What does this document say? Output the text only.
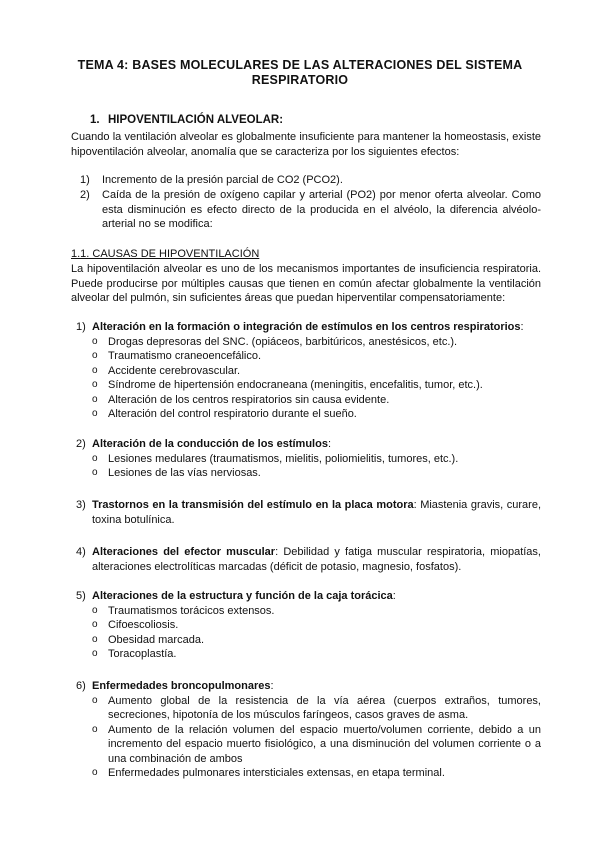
TEMA 4: BASES MOLECULARES DE LAS ALTERACIONES DEL SISTEMA
RESPIRATORIO
1. HIPOVENTILACIÓN ALVEOLAR:
Cuando la ventilación alveolar es globalmente insuficiente para mantener la homeostasis, existe hipoventilación alveolar, anomalía que se caracteriza por los siguientes efectos:
1) Incremento de la presión parcial de CO2 (PCO2).
2) Caída de la presión de oxígeno capilar y arterial (PO2) por menor oferta alveolar. Como esta disminución es efecto directo de la producida en el alvéolo, la diferencia alvéolo-arterial no se modifica:
1.1. CAUSAS DE HIPOVENTILACIÓN
La hipoventilación alveolar es uno de los mecanismos importantes de insuficiencia respiratoria. Puede producirse por múltiples causas que tienen en común afectar globalmente la ventilación alveolar del pulmón, sin suficientes áreas que puedan hiperventilar compensatoriamente:
1) Alteración en la formación o integración de estímulos en los centros respiratorios:
o Drogas depresoras del SNC. (opiáceos, barbitúricos, anestésicos, etc.).
o Traumatismo craneoencefálico.
o Accidente cerebrovascular.
o Síndrome de hipertensión endocraneana (meningitis, encefalitis, tumor, etc.).
o Alteración de los centros respiratorios sin causa evidente.
o Alteración del control respiratorio durante el sueño.
2) Alteración de la conducción de los estímulos:
o Lesiones medulares (traumatismos, mielitis, poliomielitis, tumores, etc.).
o Lesiones de las vías nerviosas.
3) Trastornos en la transmisión del estímulo en la placa motora: Miastenia gravis, curare, toxina botulínica.
4) Alteraciones del efector muscular: Debilidad y fatiga muscular respiratoria, miopatías, alteraciones electrolíticas marcadas (déficit de potasio, magnesio, fosfatos).
5) Alteraciones de la estructura y función de la caja torácica:
o Traumatismos torácicos extensos.
o Cifoescoliosis.
o Obesidad marcada.
o Toracoplastía.
6) Enfermedades broncopulmonares:
o Aumento global de la resistencia de la vía aérea (cuerpos extraños, tumores, secreciones, hipotonía de los músculos faríngeos, casos graves de asma.
o Aumento de la relación volumen del espacio muerto/volumen corriente, debido a un incremento del espacio muerto fisiológico, a una disminución del volumen corriente o a una combinación de ambos
o Enfermedades pulmonares intersticiales extensas, en etapa terminal.
